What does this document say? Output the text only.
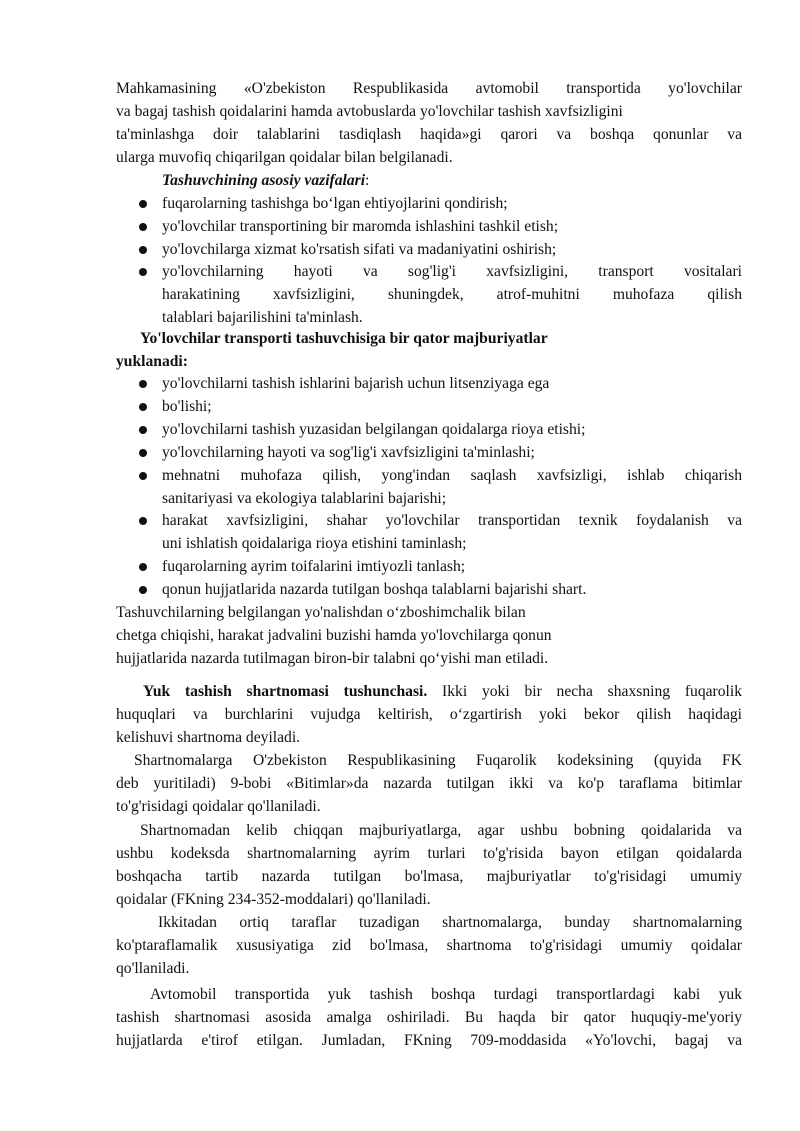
Mahkamasining «O'zbekiston Respublikasida avtomobil transportida yo'lovchilar
va bagaj tashish qoidalarini hamda avtobuslarda yo'lovchilar tashish xavfsizligini
ta'minlashga doir talablarini tasdiqlash haqida»gi qarori va boshqa qonunlar va
ularga muvofiq chiqarilgan qoidalar bilan belgilanadi.
Tashuvchining asosiy vazifalari:
fuqarolarning tashishga bo‘lgan ehtiyojlarini qondirish;
yo'lovchilar transportining bir maromda ishlashini tashkil etish;
yo'lovchilarga xizmat ko'rsatish sifati va madaniyatini oshirish;
yo'lovchilarning hayoti va sog'lig'i xavfsizligini, transport vositalari
harakatining xavfsizligini, shuningdek, atrof-muhitni muhofaza qilish
talablari bajarilishini ta'minlash.
Yo'lovchilar transporti tashuvchisiga bir qator majburiyatlar
yuklanadi:
yo'lovchilarni tashish ishlarini bajarish uchun litsenziyaga ega
bo'lishi;
yo'lovchilarni tashish yuzasidan belgilangan qoidalarga rioya etishi;
yo'lovchilarning hayoti va sog'lig'i xavfsizligini ta'minlashi;
mehnatni muhofaza qilish, yong'indan saqlash xavfsizligi, ishlab chiqarish
sanitariyasi va ekologiya talablarini bajarishi;
harakat xavfsizligini, shahar yo'lovchilar transportidan texnik foydalanish va
uni ishlatish qoidalariga rioya etishini taminlash;
fuqarolarning ayrim toifalarini imtiyozli tanlash;
qonun hujjatlarida nazarda tutilgan boshqa talablarni bajarishi shart.
Tashuvchilarning belgilangan yo'nalishdan o‘zboshimchalik bilan
chetga chiqishi, harakat jadvalini buzishi hamda yo'lovchilarga qonun
hujjatlarida nazarda tutilmagan biron-bir talabni qo‘yishi man etiladi.
Yuk tashish shartnomasi tushunchasi. Ikki yoki bir necha shaxsning fuqarolik
huquqlari va burchlarini vujudga keltirish, o‘zgartirish yoki bekor qilish haqidagi
kelishuvi shartnoma deyiladi.
Shartnomalarga O'zbekiston Respublikasining Fuqarolik kodeksining (quyida FK
deb yuritiladi) 9-bobi «Bitimlar»da nazarda tutilgan ikki va ko'p taraflama bitimlar
to'g'risidagi qoidalar qo'llaniladi.
Shartnomadan kelib chiqqan majburiyatlarga, agar ushbu bobning qoidalarida va
ushbu kodeksda shartnomalarning ayrim turlari to'g'risida bayon etilgan qoidalarda
boshqacha tartib nazarda tutilgan bo'lmasa, majburiyatlar to'g'risidagi umumiy
qoidalar (FKning 234-352-moddalari) qo'llaniladi.
Ikkitadan ortiq taraflar tuzadigan shartnomalarga, bunday shartnomalarning
ko'ptaraflamalik xususiyatiga zid bo'lmasa, shartnoma to'g'risidagi umumiy qoidalar
qo'llaniladi.
Avtomobil transportida yuk tashish boshqa turdagi transportlardagi kabi yuk
tashish shartnomasi asosida amalga oshiriladi. Bu haqda bir qator huquqiy-me'yoriy
hujjatlarda e'tirof etilgan. Jumladan, FKning 709-moddasida «Yo'lovchi, bagaj va
